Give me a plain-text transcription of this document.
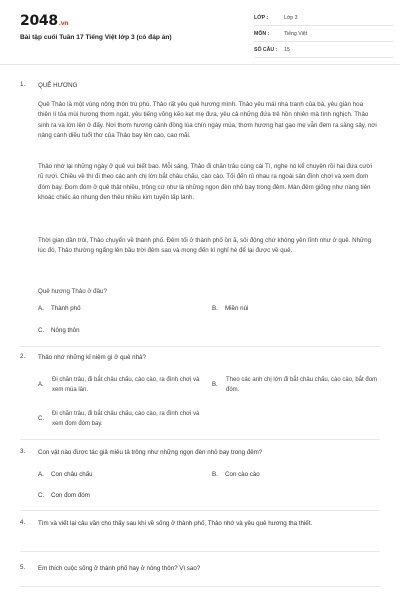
2048.vn
Bài tập cuối Tuần 17 Tiếng Việt lớp 3 (có đáp án)
LỚP :	Lớp 3
MÔN :	Tiếng Việt
SỐ CÂU :	15
1. QUÊ HƯƠNG
Quê Thảo là một vùng nông thôn trù phú. Thảo rất yêu quê hương mình. Thảo yêu mái nhà tranh của bà, yêu giàn hoa thiên lí tỏa mùi hương thơm ngát, yêu tiếng võng kẽo kẹt mẹ đưa, yêu cả những đứa trẻ hồn nhiên mà tình nghịch. Thảo sinh ra và lớn lên ở đấy. Nơi thơm hương cánh đồng lúa chín ngày mùa, thơm hương hạt gạo mẹ vẫn đem ra sàng sảy, nơi nâng cánh diều tuổi thơ của Thảo bay lên cao, cao mãi.
Thảo nhớ lại những ngày ở quê vui biết bao. Mỗi sáng, Thảo đi chăn trâu cùng cái Tí, nghe nó kể chuyện rồi hai đứa cười rũ rượi. Chiều về thì đi theo các anh chị lớn bắt châu chấu, cào cào. Tối đến rủ nhau ra ngoài sân đình chơi và xem đom đóm bay. Đom đóm ở quê thật nhiều, trông cứ như là những ngọn đèn nhỏ bay trong đêm. Màn đêm giống như nàng tiên khoác chiếc áo nhung đen thêu nhiều kim tuyến lấp lánh.
Thời gian dần trôi, Thảo chuyển về thành phố. Đêm tối ở thành phố ồn ã, sôi động chứ không yên tĩnh như ở quê. Những lúc đó, Thảo thường ngẩng lên bầu trời đêm sao và mong đến kì nghỉ hè để lại được về quê.
Quê hương Thảo ở đâu?
A. Thành phố	B. Miền núi
C. Nông thôn
2. Thảo nhớ những kỉ niệm gì ở quê nhà?
A.
Đi chăn trâu, đi bắt châu chấu, cào cào, ra đình chơi và xem múa lân.
B.
Theo các anh chị lớn đi bắt châu chấu, cào cào, bắt đom đóm.
C.
Đi chăn trâu, đi bắt châu chấu, cào cào, ra đình chơi và xem đom đóm bay.
3. Con vật nào được tác giả miêu tả trông như những ngọn đèn nhỏ bay trong đêm?
A. Con châu chấu	B. Con cào cào
C. Con đom đóm
4. Tìm và viết lại câu văn cho thấy sau khi về sống ở thành phố, Thảo nhớ và yêu quê hương tha thiết.
5. Em thích cuộc sống ở thành phố hay ở nông thôn? Vì sao?
